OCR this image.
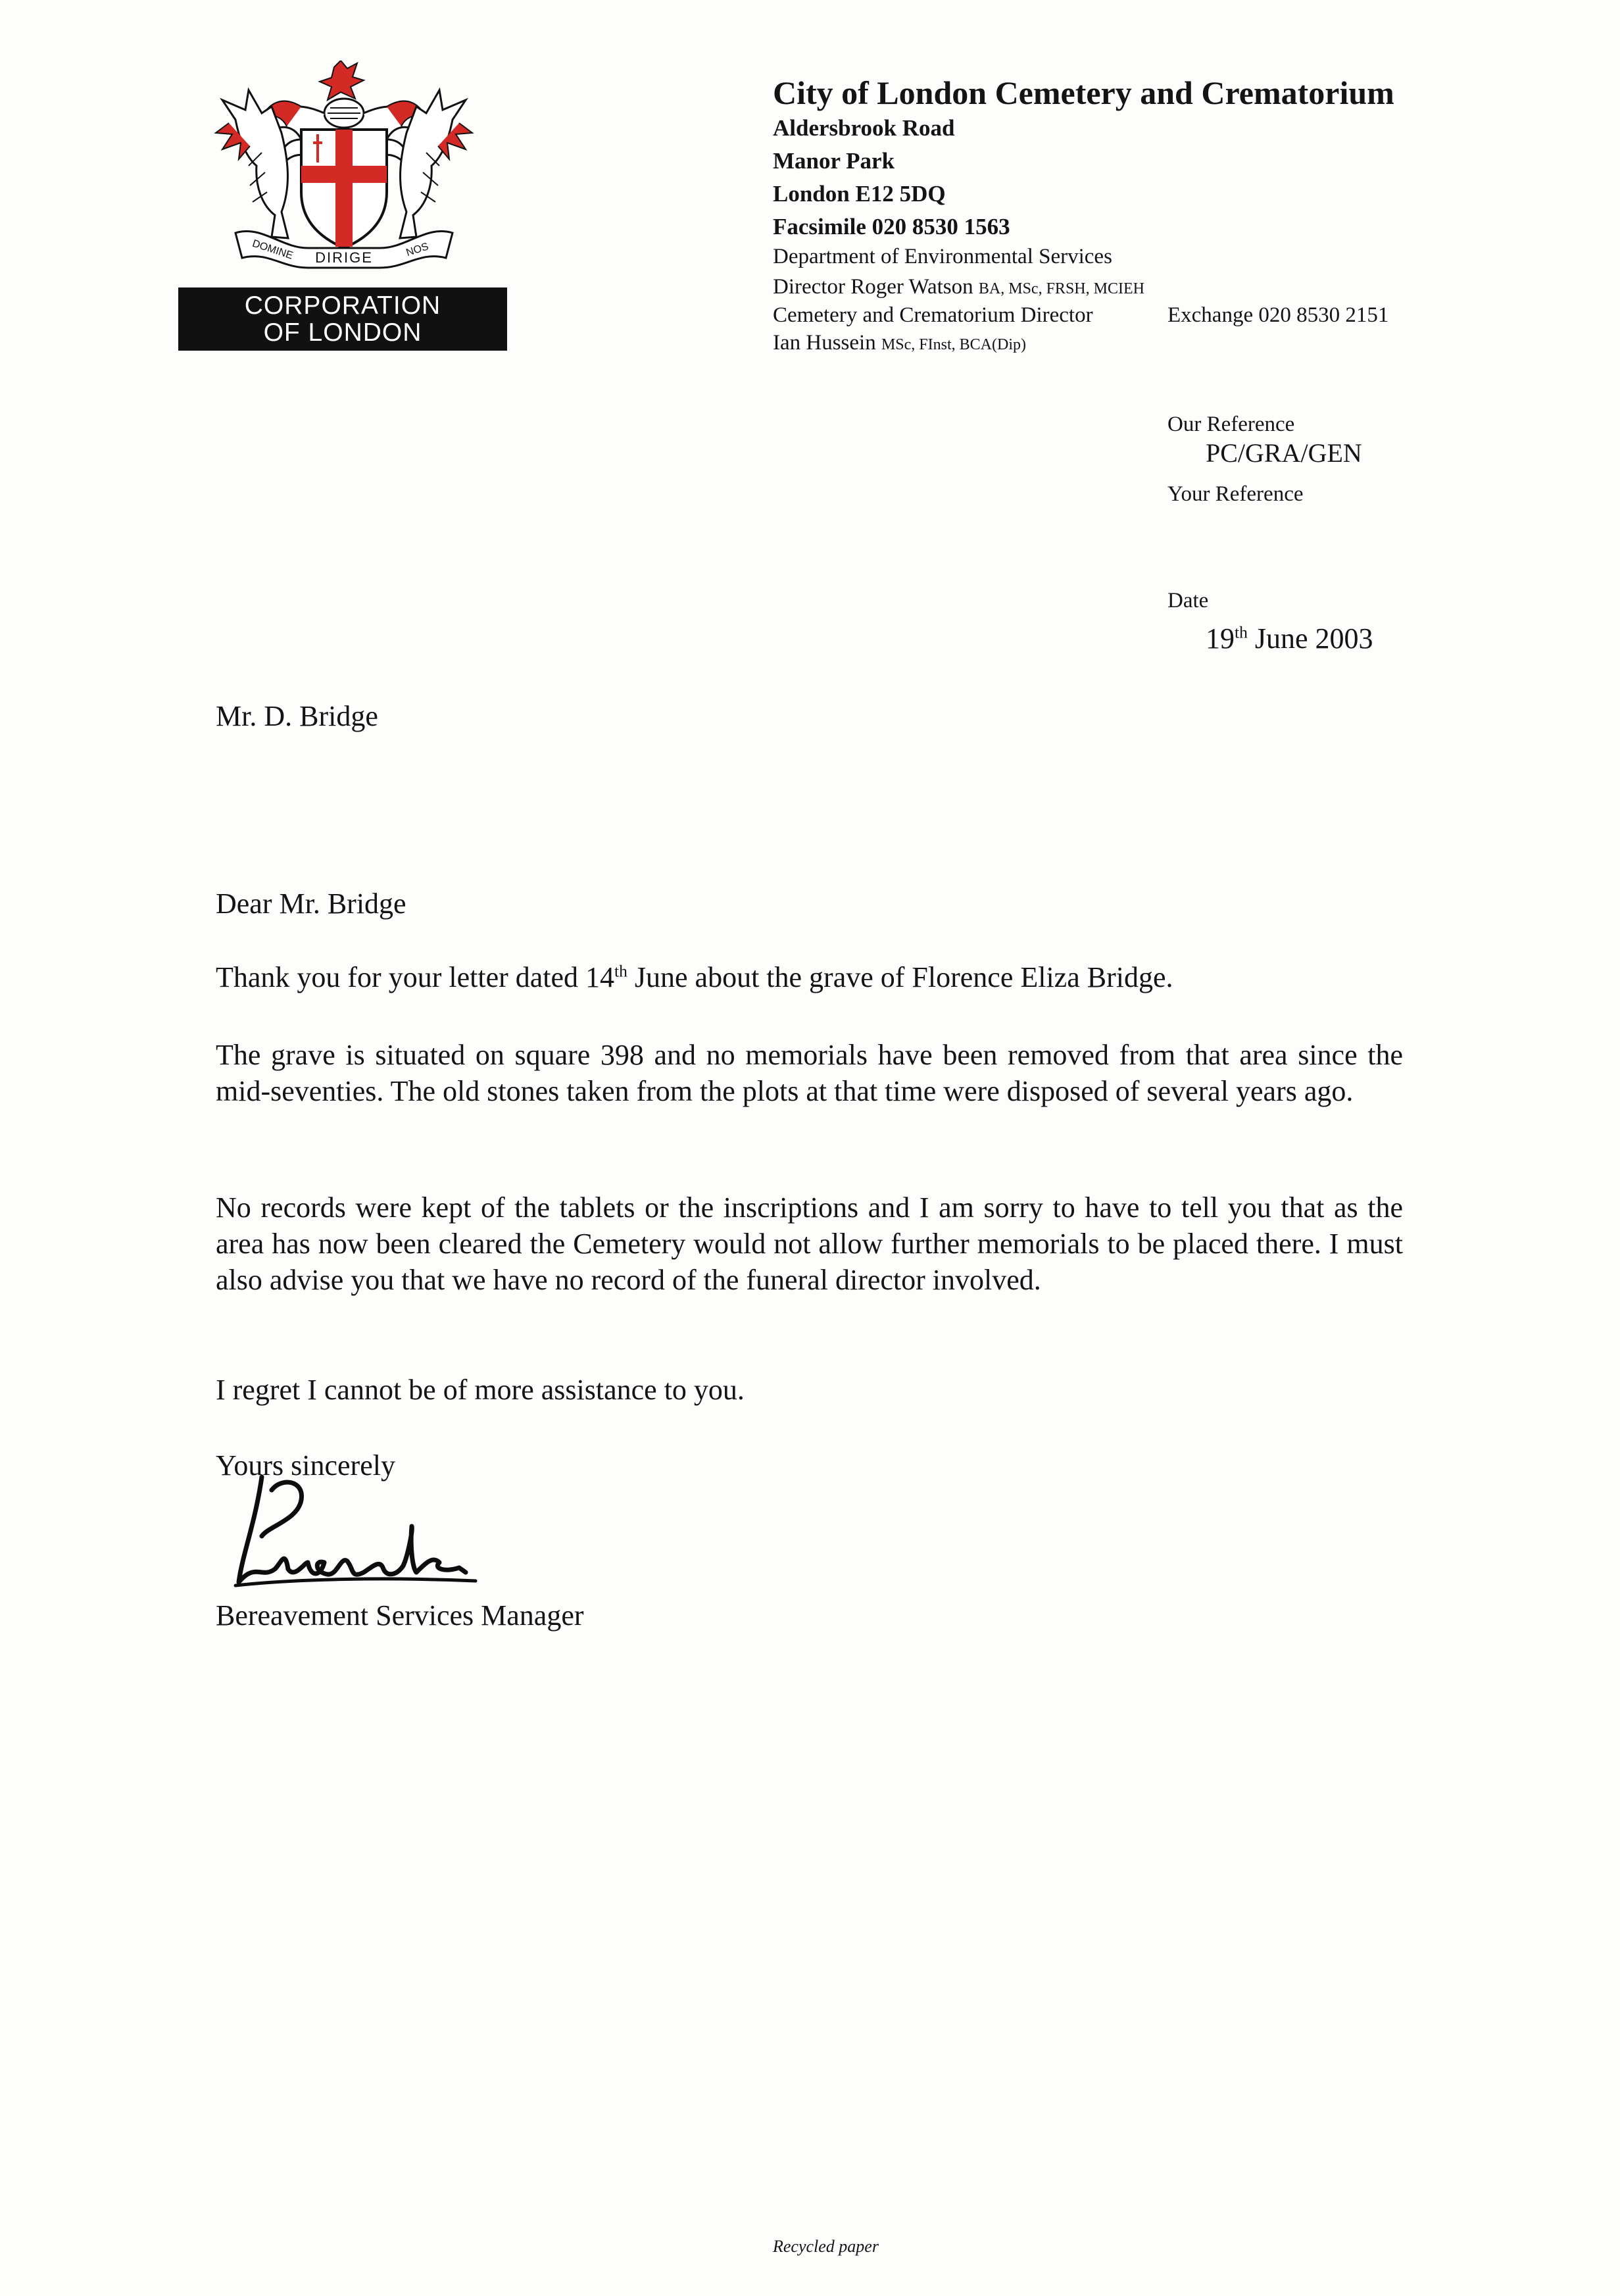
DIRIGE
DOMINE	NOS
CORPORATION
OF LONDON
City of London Cemetery and Crematorium
Aldersbrook Road
Manor Park
London E12 5DQ
Facsimile 020 8530 1563
Department of Environmental Services
Director Roger Watson BA, MSc, FRSH, MCIEH
Cemetery and Crematorium Director	Exchange 020 8530 2151
Ian Hussein MSc, FInst, BCA(Dip)
Our Reference
PC/GRA/GEN
Your Reference
Date
19th June 2003
Mr. D. Bridge
Dear Mr. Bridge
Thank you for your letter dated 14th June about the grave of Florence Eliza Bridge.
The grave is situated on square 398 and no memorials have been removed from that area since the mid-seventies. The old stones taken from the plots at that time were disposed of several years ago.
No records were kept of the tablets or the inscriptions and I am sorry to have to tell you that as the area has now been cleared the Cemetery would not allow further memorials to be placed there. I must also advise you that we have no record of the funeral director involved.
I regret I cannot be of more assistance to you.
Yours sincerely
Bereavement Services Manager
Recycled paper
